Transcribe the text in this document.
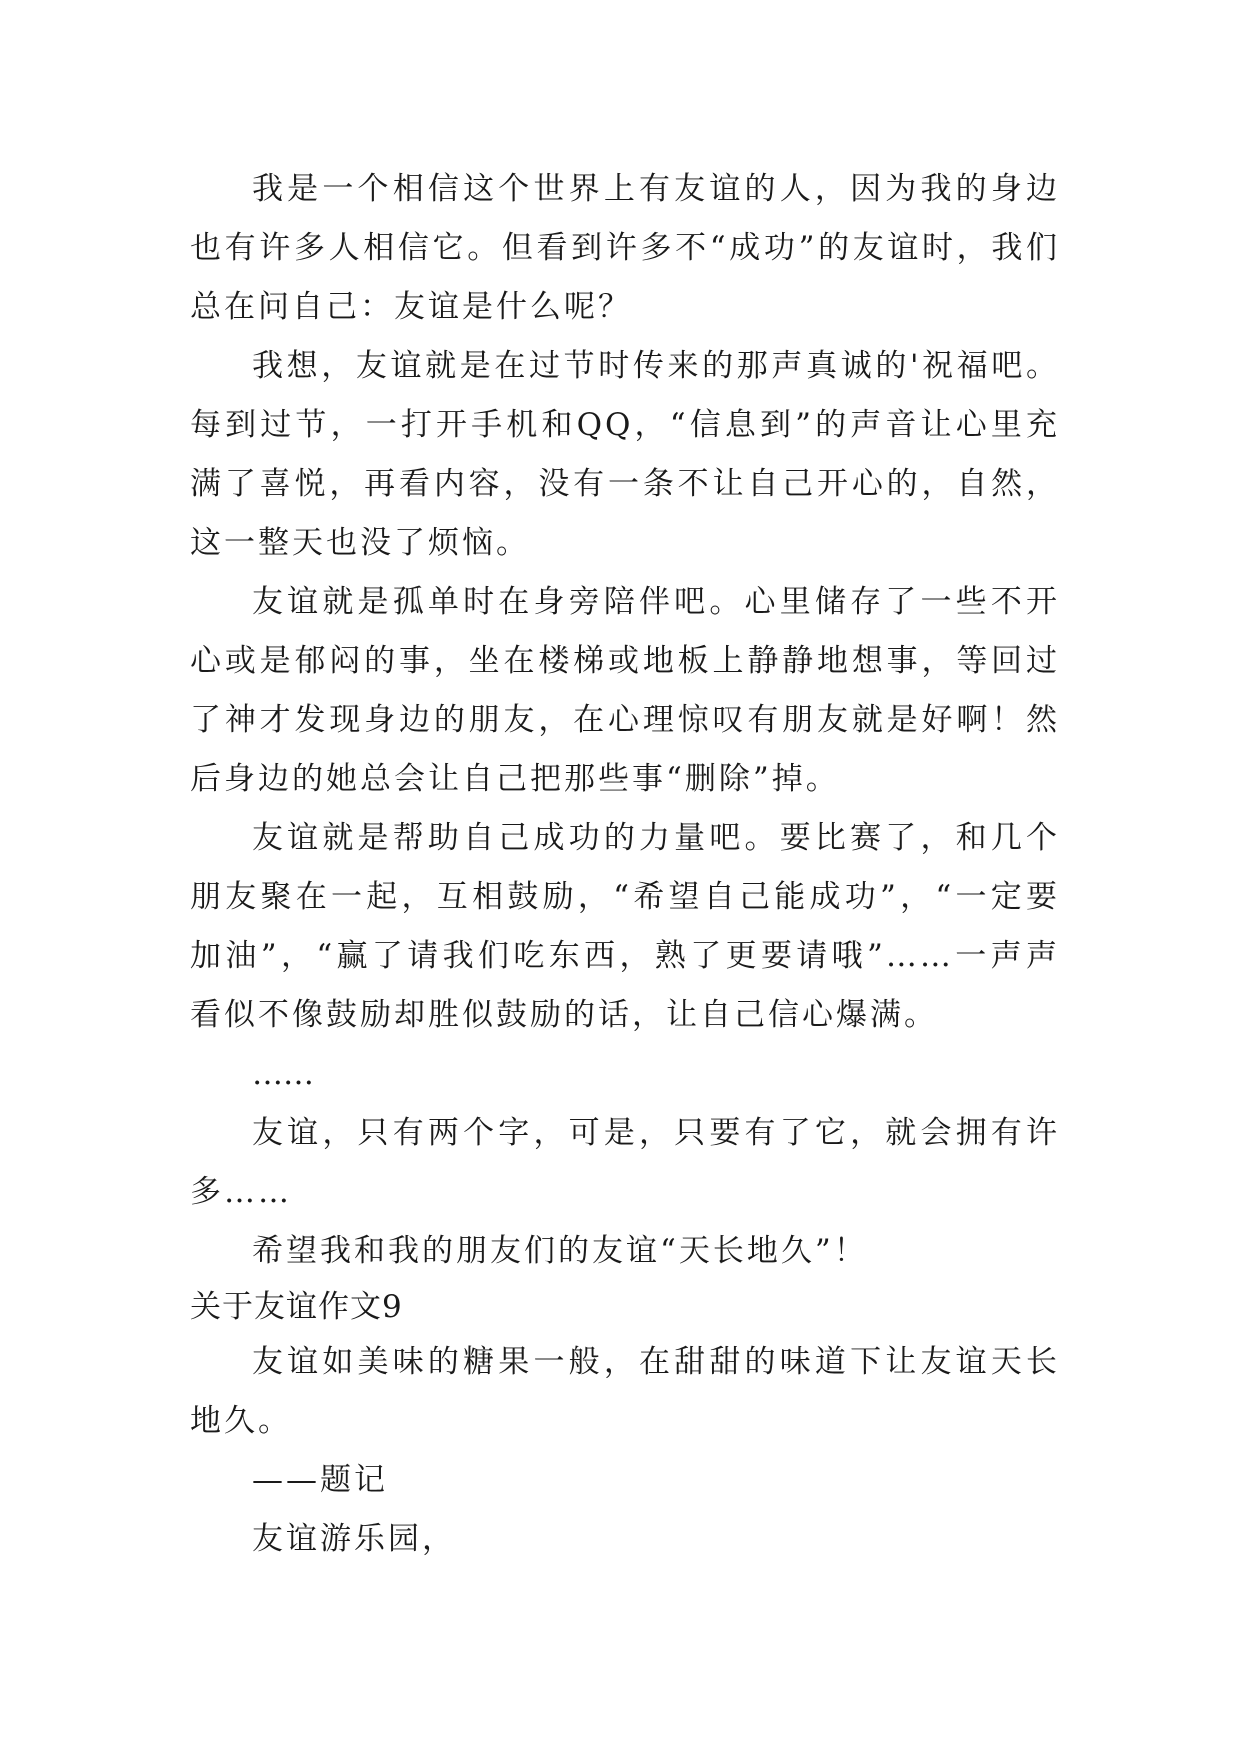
我是一个相信这个世界上有友谊的人，因为我的身边也有许多人相信它。但看到许多不“成功”的友谊时，我们总在问自己：友谊是什么呢？

我想，友谊就是在过节时传来的那声真诚的'祝福吧。每到过节，一打开手机和QQ，“信息到”的声音让心里充满了喜悦，再看内容，没有一条不让自己开心的，自然，这一整天也没了烦恼。

友谊就是孤单时在身旁陪伴吧。心里储存了一些不开心或是郁闷的事，坐在楼梯或地板上静静地想事，等回过了神才发现身边的朋友，在心理惊叹有朋友就是好啊！然后身边的她总会让自己把那些事“删除”掉。

友谊就是帮助自己成功的力量吧。要比赛了，和几个朋友聚在一起，互相鼓励，“希望自己能成功”，“一定要加油”，“赢了请我们吃东西，熟了更要请哦”……一声声看似不像鼓励却胜似鼓励的话，让自己信心爆满。

……

友谊，只有两个字，可是，只要有了它，就会拥有许多……

希望我和我的朋友们的友谊“天长地久”！

关于友谊作文9

友谊如美味的糖果一般，在甜甜的味道下让友谊天长地久。

——题记

友谊游乐园，
